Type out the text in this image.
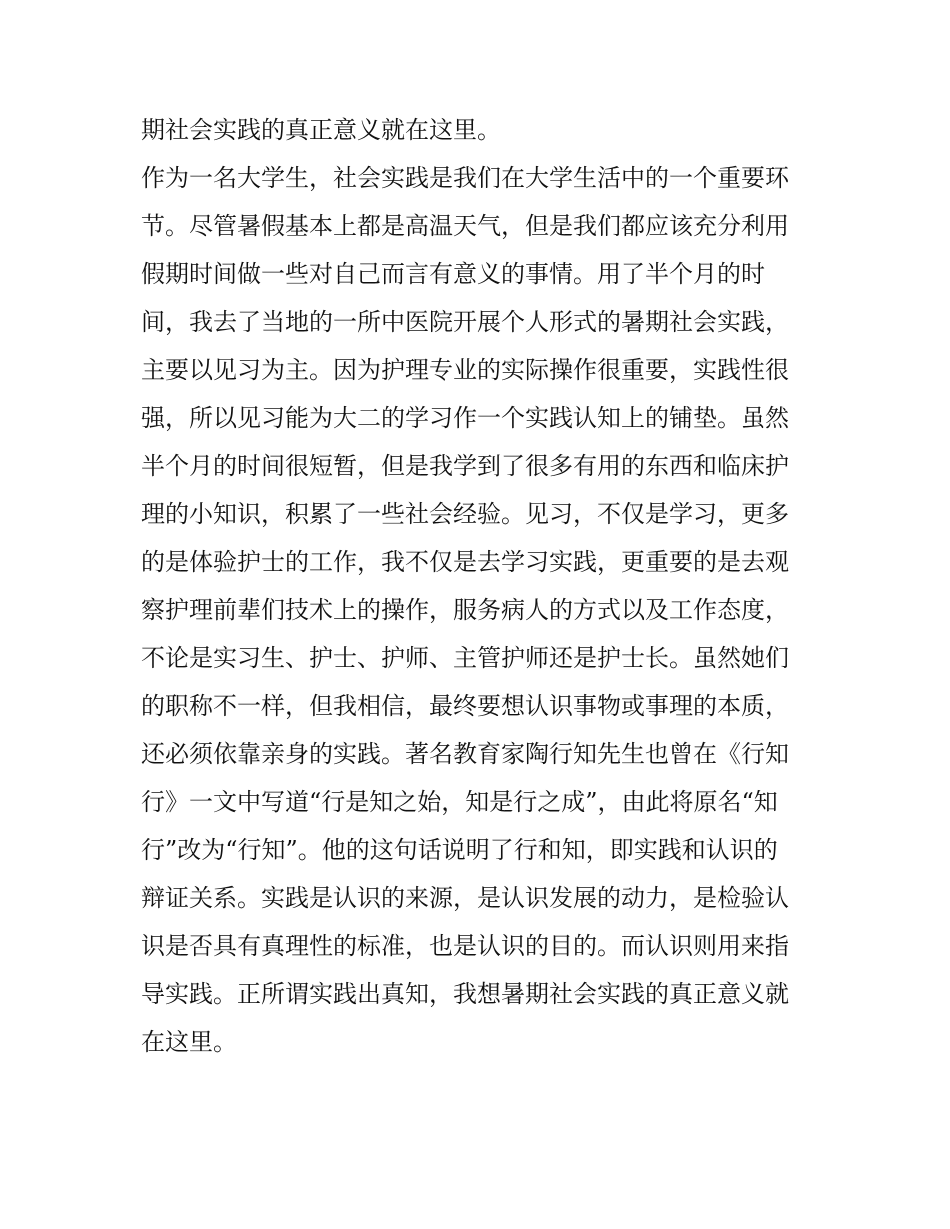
期社会实践的真正意义就在这里。
作为一名大学生，社会实践是我们在大学生活中的一个重要环
节。尽管暑假基本上都是高温天气，但是我们都应该充分利用
假期时间做一些对自己而言有意义的事情。用了半个月的时
间，我去了当地的一所中医院开展个人形式的暑期社会实践，
主要以见习为主。因为护理专业的实际操作很重要，实践性很
强，所以见习能为大二的学习作一个实践认知上的铺垫。虽然
半个月的时间很短暂，但是我学到了很多有用的东西和临床护
理的小知识，积累了一些社会经验。见习，不仅是学习，更多
的是体验护士的工作，我不仅是去学习实践，更重要的是去观
察护理前辈们技术上的操作，服务病人的方式以及工作态度，
不论是实习生、护士、护师、主管护师还是护士长。虽然她们
的职称不一样，但我相信，最终要想认识事物或事理的本质，
还必须依靠亲身的实践。著名教育家陶行知先生也曾在《行知
行》一文中写道“行是知之始，知是行之成”，由此将原名“知
行”改为“行知”。他的这句话说明了行和知，即实践和认识的
辩证关系。实践是认识的来源，是认识发展的动力，是检验认
识是否具有真理性的标准，也是认识的目的。而认识则用来指
导实践。正所谓实践出真知，我想暑期社会实践的真正意义就
在这里。
